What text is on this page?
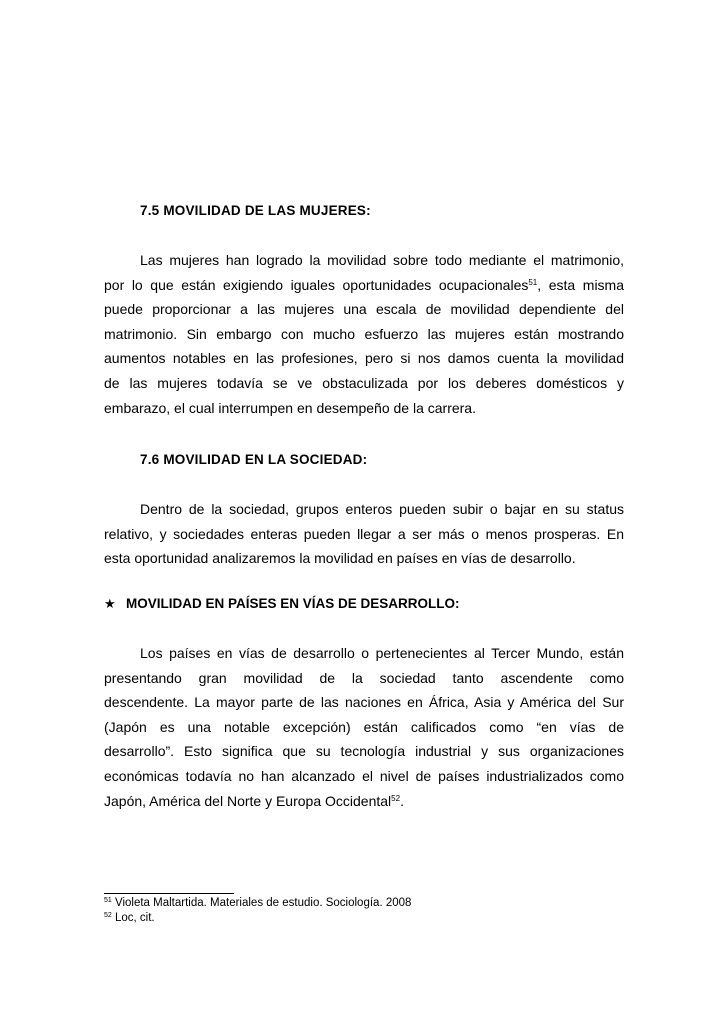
7.5 MOVILIDAD DE LAS MUJERES:
Las mujeres han logrado la movilidad sobre todo mediante el matrimonio,
por lo que están exigiendo iguales oportunidades ocupacionales$^{51}$, esta misma
puede proporcionar a las mujeres una escala de movilidad dependiente del
matrimonio. Sin embargo con mucho esfuerzo las mujeres están mostrando
aumentos notables en las profesiones, pero si nos damos cuenta la movilidad
de las mujeres todavía se ve obstaculizada por los deberes domésticos y
embarazo, el cual interrumpen en desempeño de la carrera.
7.6 MOVILIDAD EN LA SOCIEDAD:
Dentro de la sociedad, grupos enteros pueden subir o bajar en su status
relativo, y sociedades enteras pueden llegar a ser más o menos prosperas. En
esta oportunidad analizaremos la movilidad en países en vías de desarrollo.
★ MOVILIDAD EN PAÍSES EN VÍAS DE DESARROLLO:
Los países en vías de desarrollo o pertenecientes al Tercer Mundo, están
presentando gran movilidad de la sociedad tanto ascendente como
descendente. La mayor parte de las naciones en África, Asia y América del Sur
(Japón es una notable excepción) están calificados como “en vías de
desarrollo”. Esto significa que su tecnología industrial y sus organizaciones
económicas todavía no han alcanzado el nivel de países industrializados como
Japón, América del Norte y Europa Occidental$^{52}$.
$^{51}$ Violeta Maltartida. Materiales de estudio. Sociología. 2008
$^{52}$ Loc, cit.
